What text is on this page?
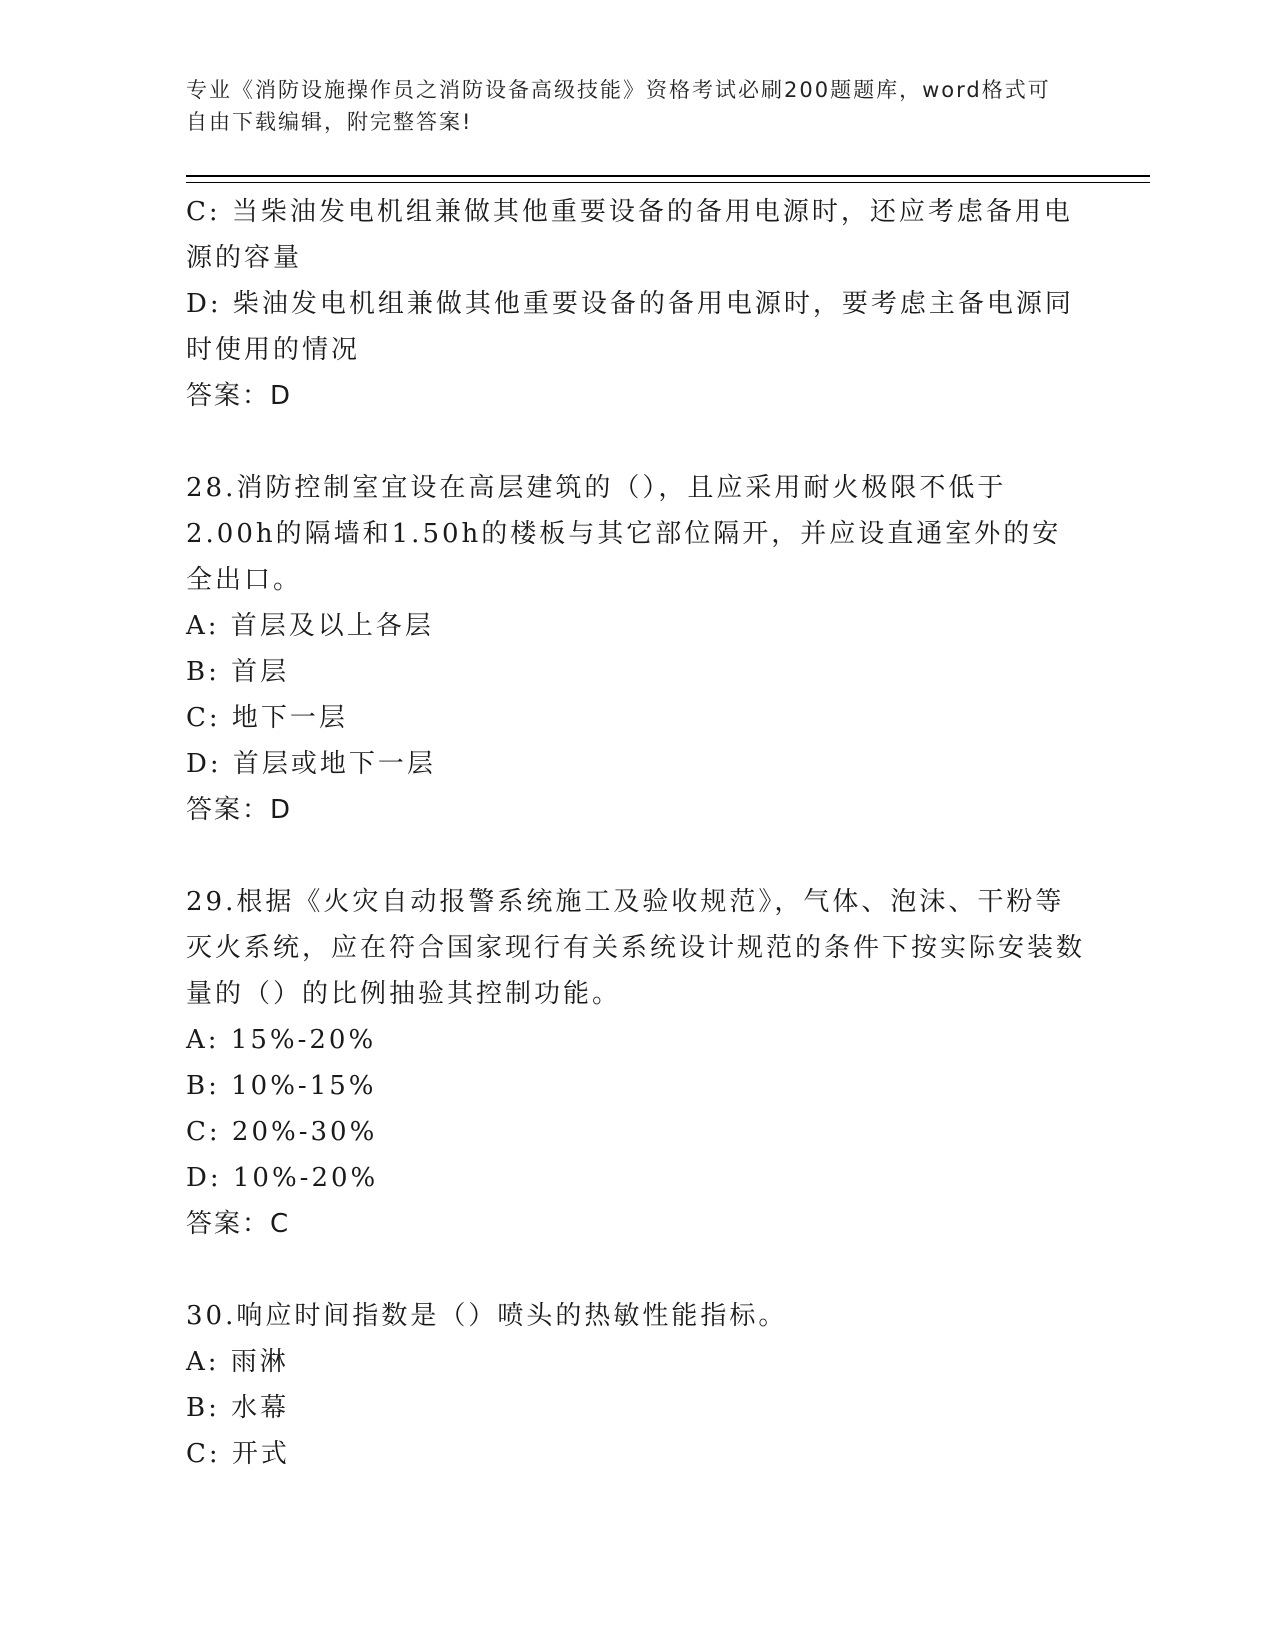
专业《消防设施操作员之消防设备高级技能》资格考试必刷200题题库，word格式可自由下载编辑，附完整答案!

C: 当柴油发电机组兼做其他重要设备的备用电源时，还应考虑备用电源的容量

D: 柴油发电机组兼做其他重要设备的备用电源时，要考虑主备电源同时使用的情况

答案：D

28.消防控制室宜设在高层建筑的（），且应采用耐火极限不低于2.00h的隔墙和1.50h的楼板与其它部位隔开，并应设直通室外的安全出口。

A: 首层及以上各层

B: 首层

C: 地下一层

D: 首层或地下一层

答案：D

29.根据《火灾自动报警系统施工及验收规范》，气体、泡沫、干粉等灭火系统，应在符合国家现行有关系统设计规范的条件下按实际安装数量的（）的比例抽验其控制功能。

A: 15%-20%

B: 10%-15%

C: 20%-30%

D: 10%-20%

答案：C

30.响应时间指数是（）喷头的热敏性能指标。

A: 雨淋

B: 水幕

C: 开式
